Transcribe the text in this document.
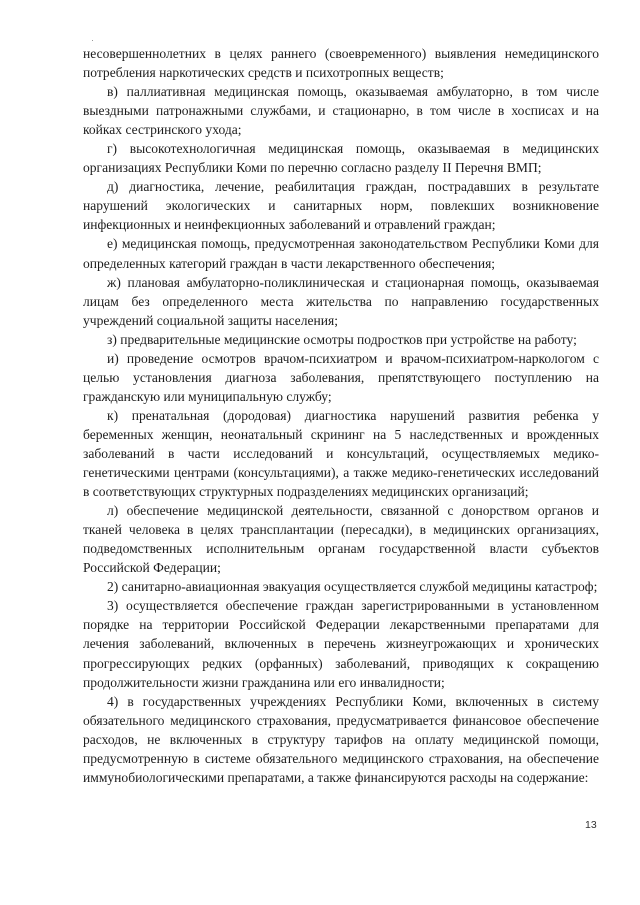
несовершеннолетних в целях раннего (своевременного) выявления немедицинского потребления наркотических средств и психотропных веществ;

в) паллиативная медицинская помощь, оказываемая амбулаторно, в том числе выездными патронажными службами, и стационарно, в том числе в хосписах и на койках сестринского ухода;

г) высокотехнологичная медицинская помощь, оказываемая в медицинских организациях Республики Коми по перечню согласно разделу II Перечня ВМП;

д) диагностика, лечение, реабилитация граждан, пострадавших в результате нарушений экологических и санитарных норм, повлекших возникновение инфекционных и неинфекционных заболеваний и отравлений граждан;

е) медицинская помощь, предусмотренная законодательством Республики Коми для определенных категорий граждан в части лекарственного обеспечения;

ж) плановая амбулаторно-поликлиническая и стационарная помощь, оказываемая лицам без определенного места жительства по направлению государственных учреждений социальной защиты населения;

з) предварительные медицинские осмотры подростков при устройстве на работу;

и) проведение осмотров врачом-психиатром и врачом-психиатром-наркологом с целью установления диагноза заболевания, препятствующего поступлению на гражданскую или муниципальную службу;

к) пренатальная (дородовая) диагностика нарушений развития ребенка у беременных женщин, неонатальный скрининг на 5 наследственных и врожденных заболеваний в части исследований и консультаций, осуществляемых медико-генетическими центрами (консультациями), а также медико-генетических исследований в соответствующих структурных подразделениях медицинских организаций;

л) обеспечение медицинской деятельности, связанной с донорством органов и тканей человека в целях трансплантации (пересадки), в медицинских организациях, подведомственных исполнительным органам государственной власти субъектов Российской Федерации;

2) санитарно-авиационная эвакуация осуществляется службой медицины катастроф;

3) осуществляется обеспечение граждан зарегистрированными в установленном порядке на территории Российской Федерации лекарственными препаратами для лечения заболеваний, включенных в перечень жизнеугрожающих и хронических прогрессирующих редких (орфанных) заболеваний, приводящих к сокращению продолжительности жизни гражданина или его инвалидности;

4) в государственных учреждениях Республики Коми, включенных в систему обязательного медицинского страхования, предусматривается финансовое обеспечение расходов, не включенных в структуру тарифов на оплату медицинской помощи, предусмотренную в системе обязательного медицинского страхования, на обеспечение иммунобиологическими препаратами, а также финансируются расходы на содержание:

13
